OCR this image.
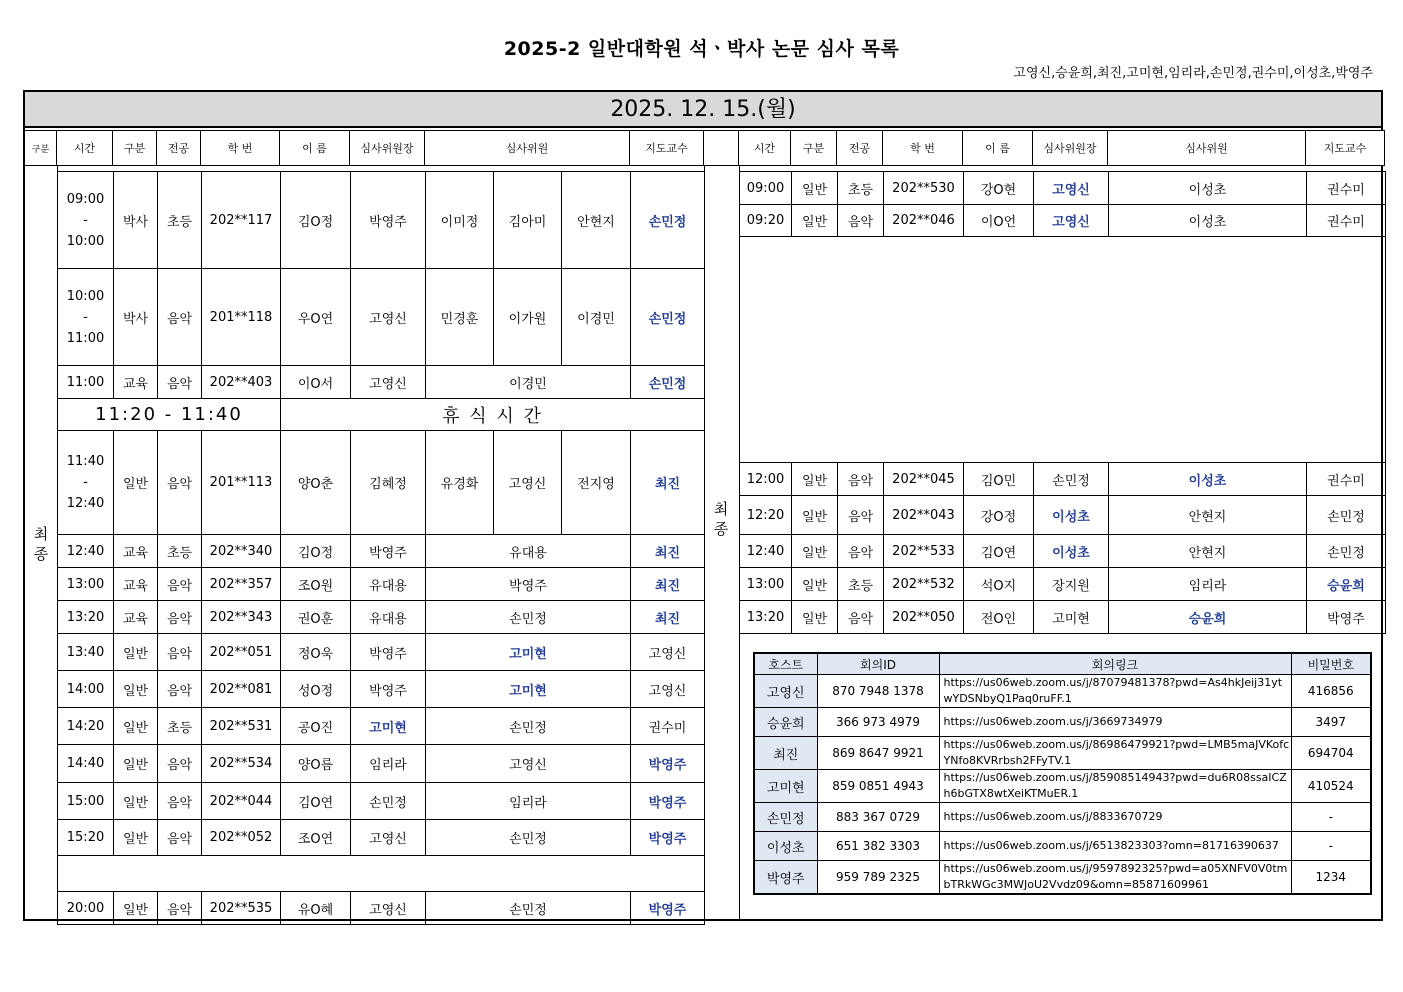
2025-2 일반대학원 석ㆍ박사 논문 심사 목록
고영신,승윤희,최진,고미현,임리라,손민정,권수미,이성초,박영주
2025. 12. 15.(월)
구분	시간	구분	전공	학 번	이 름	심사위원장	심사위원	지도교수	시간	구분	전공	학 번	이 름	심사위원장	심사위원	지도교수
최
종
최
종
09:00
-
10:00	박사	초등	202**117	김O정	박영주	이미정	김아미	안현지	손민정
10:00
-
11:00	박사	음악	201**118	우O연	고영신	민경훈	이가원	이경민	손민정
11:00	교육	음악	202**403	이O서	고영신	이경민			손민정
11:20 - 11:40				휴 식 시 간					
11:40
-
12:40	일반	음악	201**113	양O춘	김혜정	유경화	고영신	전지영	최진
12:40	교육	초등	202**340	김O정	박영주	유대용			최진
13:00	교육	음악	202**357	조O원	유대용	박영주			최진
13:20	교육	음악	202**343	권O훈	유대용	손민정			최진
13:40	일반	음악	202**051	정O욱	박영주	고미현			고영신
14:00	일반	음악	202**081	성O정	박영주	고미현			고영신
14:20	일반	초등	202**531	공O진	고미현	손민정			권수미
14:40	일반	음악	202**534	양O름	임리라	고영신			박영주
15:00	일반	음악	202**044	김O연	손민정	임리라			박영주
15:20	일반	음악	202**052	조O연	고영신	손민정			박영주

20:00	일반	음악	202**535	유O혜	고영신	손민정			박영주
09:00	일반	초등	202**530	강O현	고영신	이성초	권수미
09:20	일반	음악	202**046	이O언	고영신	이성초	권수미

12:00	일반	음악	202**045	김O민	손민정	이성초	권수미
12:20	일반	음악	202**043	강O정	이성초	안현지	손민정
12:40	일반	음악	202**533	김O연	이성초	안현지	손민정
13:00	일반	초등	202**532	석O지	장지원	임리라	승윤희
13:20	일반	음악	202**050	전O인	고미현	승윤희	박영주
호스트	회의ID	회의링크	비밀번호
고영신	870 7948 1378	https://us06web.zoom.us/j/87079481378?pwd=As4hkJeij31ytwYDSNbyQ1Paq0ruFF.1	416856
승윤희	366 973 4979	https://us06web.zoom.us/j/3669734979	3497
최진	869 8647 9921	https://us06web.zoom.us/j/86986479921?pwd=LMB5maJVKofcYNfo8KVRrbsh2FFyTV.1	694704
고미현	859 0851 4943	https://us06web.zoom.us/j/85908514943?pwd=du6R08ssaICZh6bGTX8wtXeiKTMuER.1	410524
손민정	883 367 0729	https://us06web.zoom.us/j/8833670729	-
이성초	651 382 3303	https://us06web.zoom.us/j/6513823303?omn=81716390637	-
박영주	959 789 2325	https://us06web.zoom.us/j/9597892325?pwd=a05XNFV0V0tmbTRkWGc3MWJoU2Vvdz09&omn=85871609961	1234
